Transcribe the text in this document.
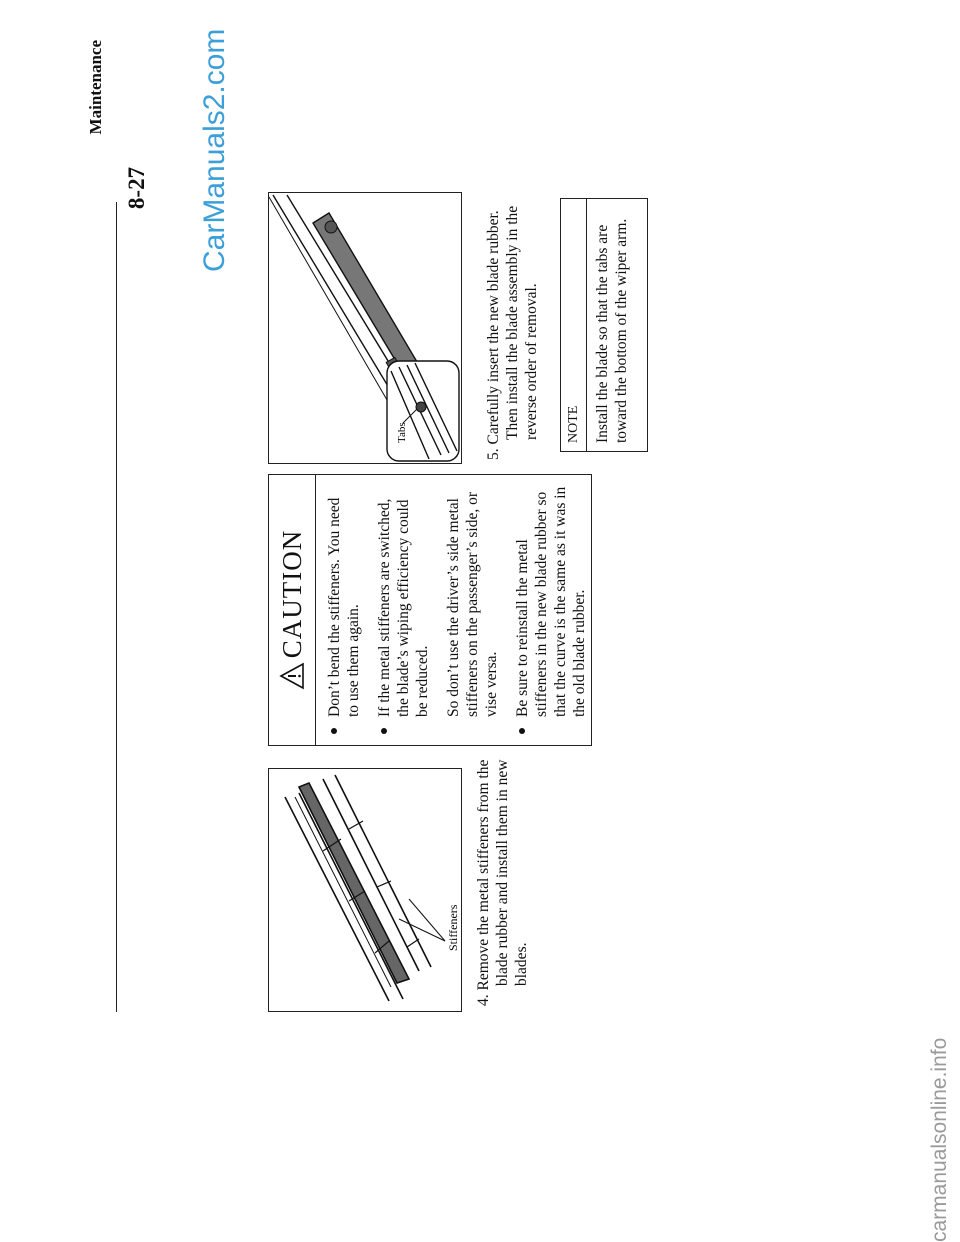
Maintenance
8-27	CarManuals2.com
carmanualsonline.info
Stiffeners 4. Remove the metal stiffeners from the blade rubber and install them in new blades.
CAUTION Don’t bend the stiffeners. You need to use them again. If the metal stiffeners are switched, the blade’s wiping efficiency could be reduced. So don’t use the driver’s side metal stiffeners on the passenger’s side, or vise versa. Be sure to reinstall the metal stiffeners in the new blade rubber so that the curve is the same as it was in the old blade rubber.
Tabs	5. Carefully insert the new blade rubber. Then install the blade assembly in the reverse order of removal.	NOTE Install the blade so that the tabs are toward the bottom of the wiper arm.
